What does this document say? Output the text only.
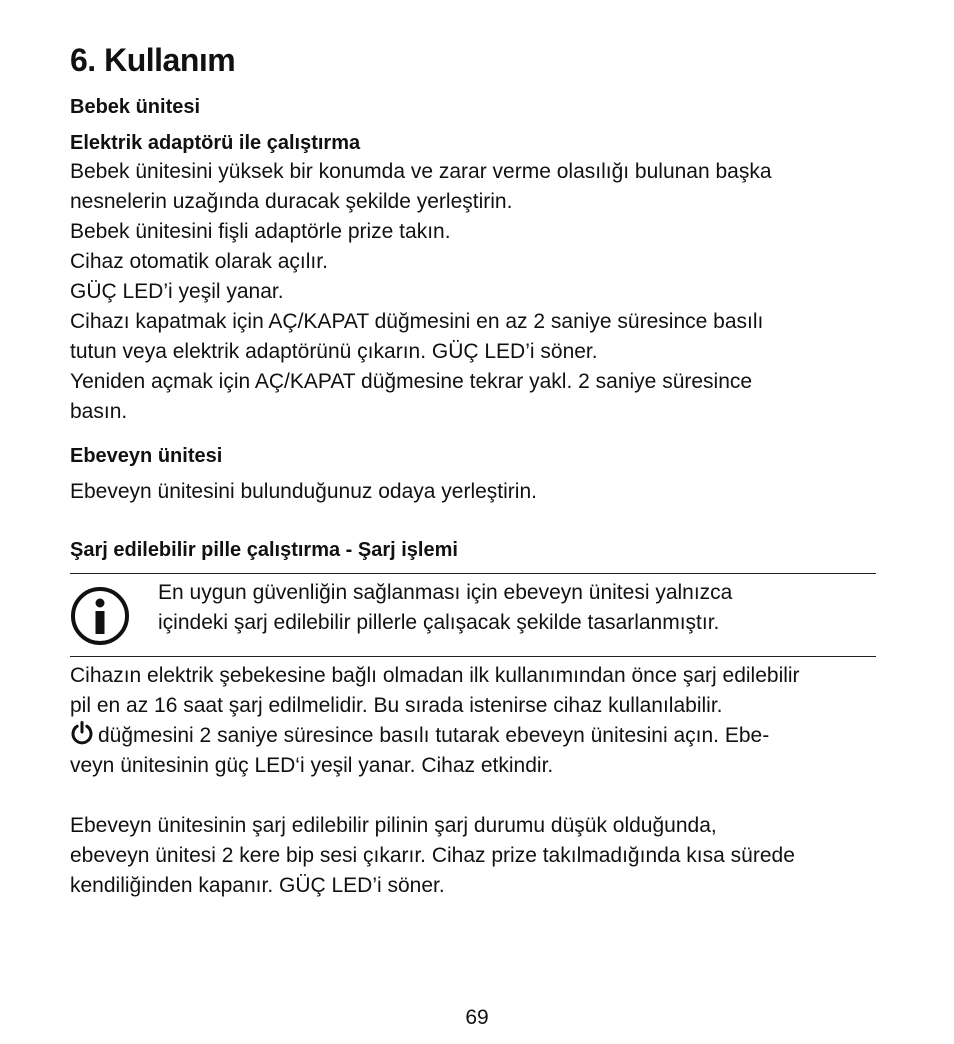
6. Kullanım

Bebek ünitesi

Elektrik adaptörü ile çalıştırma

Bebek ünitesini yüksek bir konumda ve zarar verme olasılığı bulunan başka

nesnelerin uzağında duracak şekilde yerleştirin.

Bebek ünitesini fişli adaptörle prize takın.

Cihaz otomatik olarak açılır.

GÜÇ LED’i yeşil yanar.

Cihazı kapatmak için AÇ/KAPAT düğmesini en az 2 saniye süresince basılı

tutun veya elektrik adaptörünü çıkarın. GÜÇ LED’i söner.

Yeniden açmak için AÇ/KAPAT düğmesine tekrar yakl. 2 saniye süresince

basın.

Ebeveyn ünitesi

Ebeveyn ünitesini bulunduğunuz odaya yerleştirin.

Şarj edilebilir pille çalıştırma - Şarj işlemi

En uygun güvenliğin sağlanması için ebeveyn ünitesi yalnızca
içindeki şarj edilebilir pillerle çalışacak şekilde tasarlanmıştır.

Cihazın elektrik şebekesine bağlı olmadan ilk kullanımından önce şarj edilebilir

pil en az 16 saat şarj edilmelidir. Bu sırada istenirse cihaz kullanılabilir.

düğmesini 2 saniye süresince basılı tutarak ebeveyn ünitesini açın. Ebe-

veyn ünitesinin güç LED‘i yeşil yanar. Cihaz etkindir.

Ebeveyn ünitesinin şarj edilebilir pilinin şarj durumu düşük olduğunda,

ebeveyn ünitesi 2 kere bip sesi çıkarır. Cihaz prize takılmadığında kısa sürede

kendiliğinden kapanır. GÜÇ LED’i söner.

69
